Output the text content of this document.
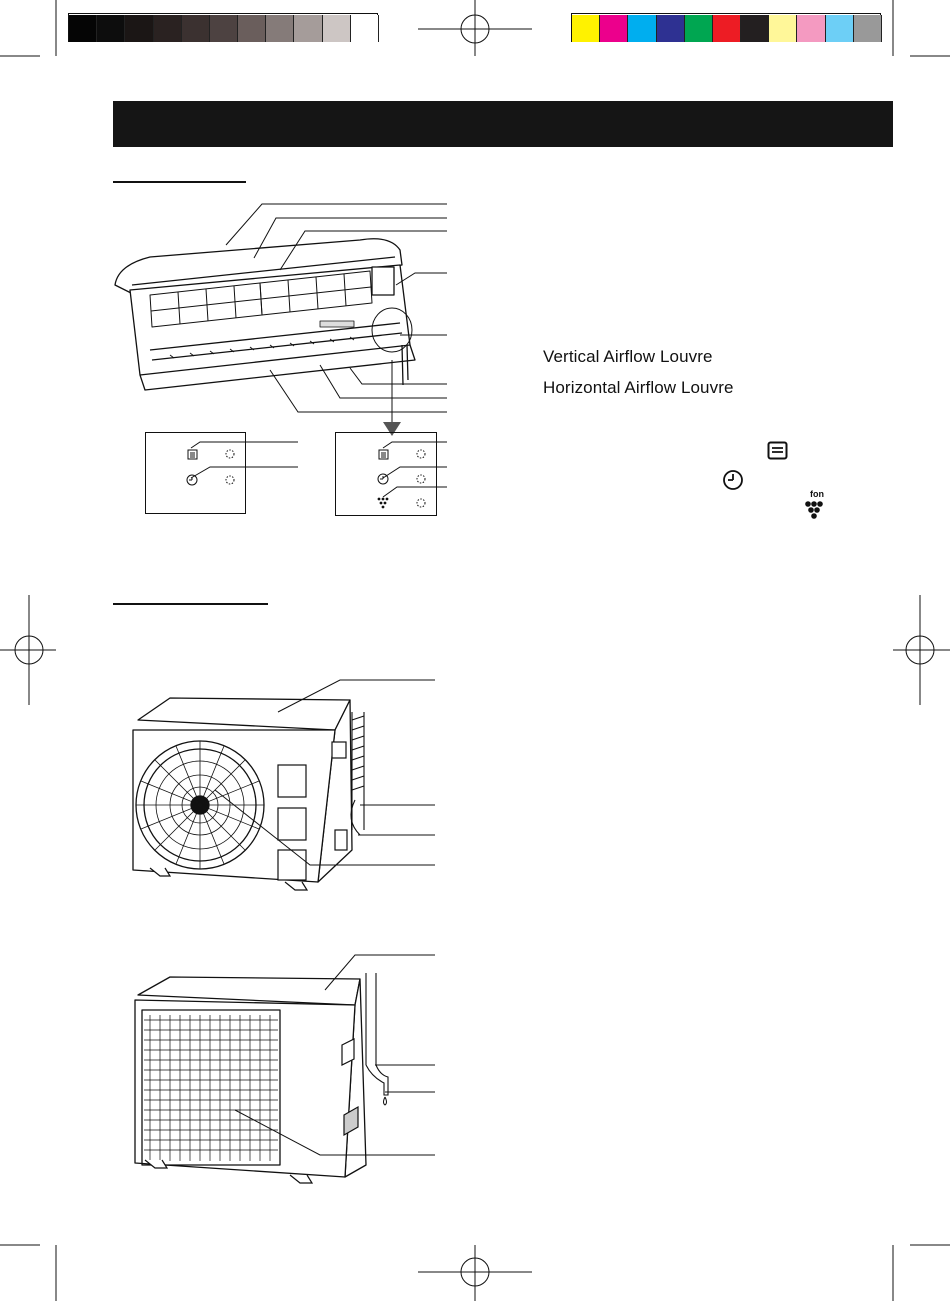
Vertical Airflow Louvre
Horizontal Airflow Louvre
fon
